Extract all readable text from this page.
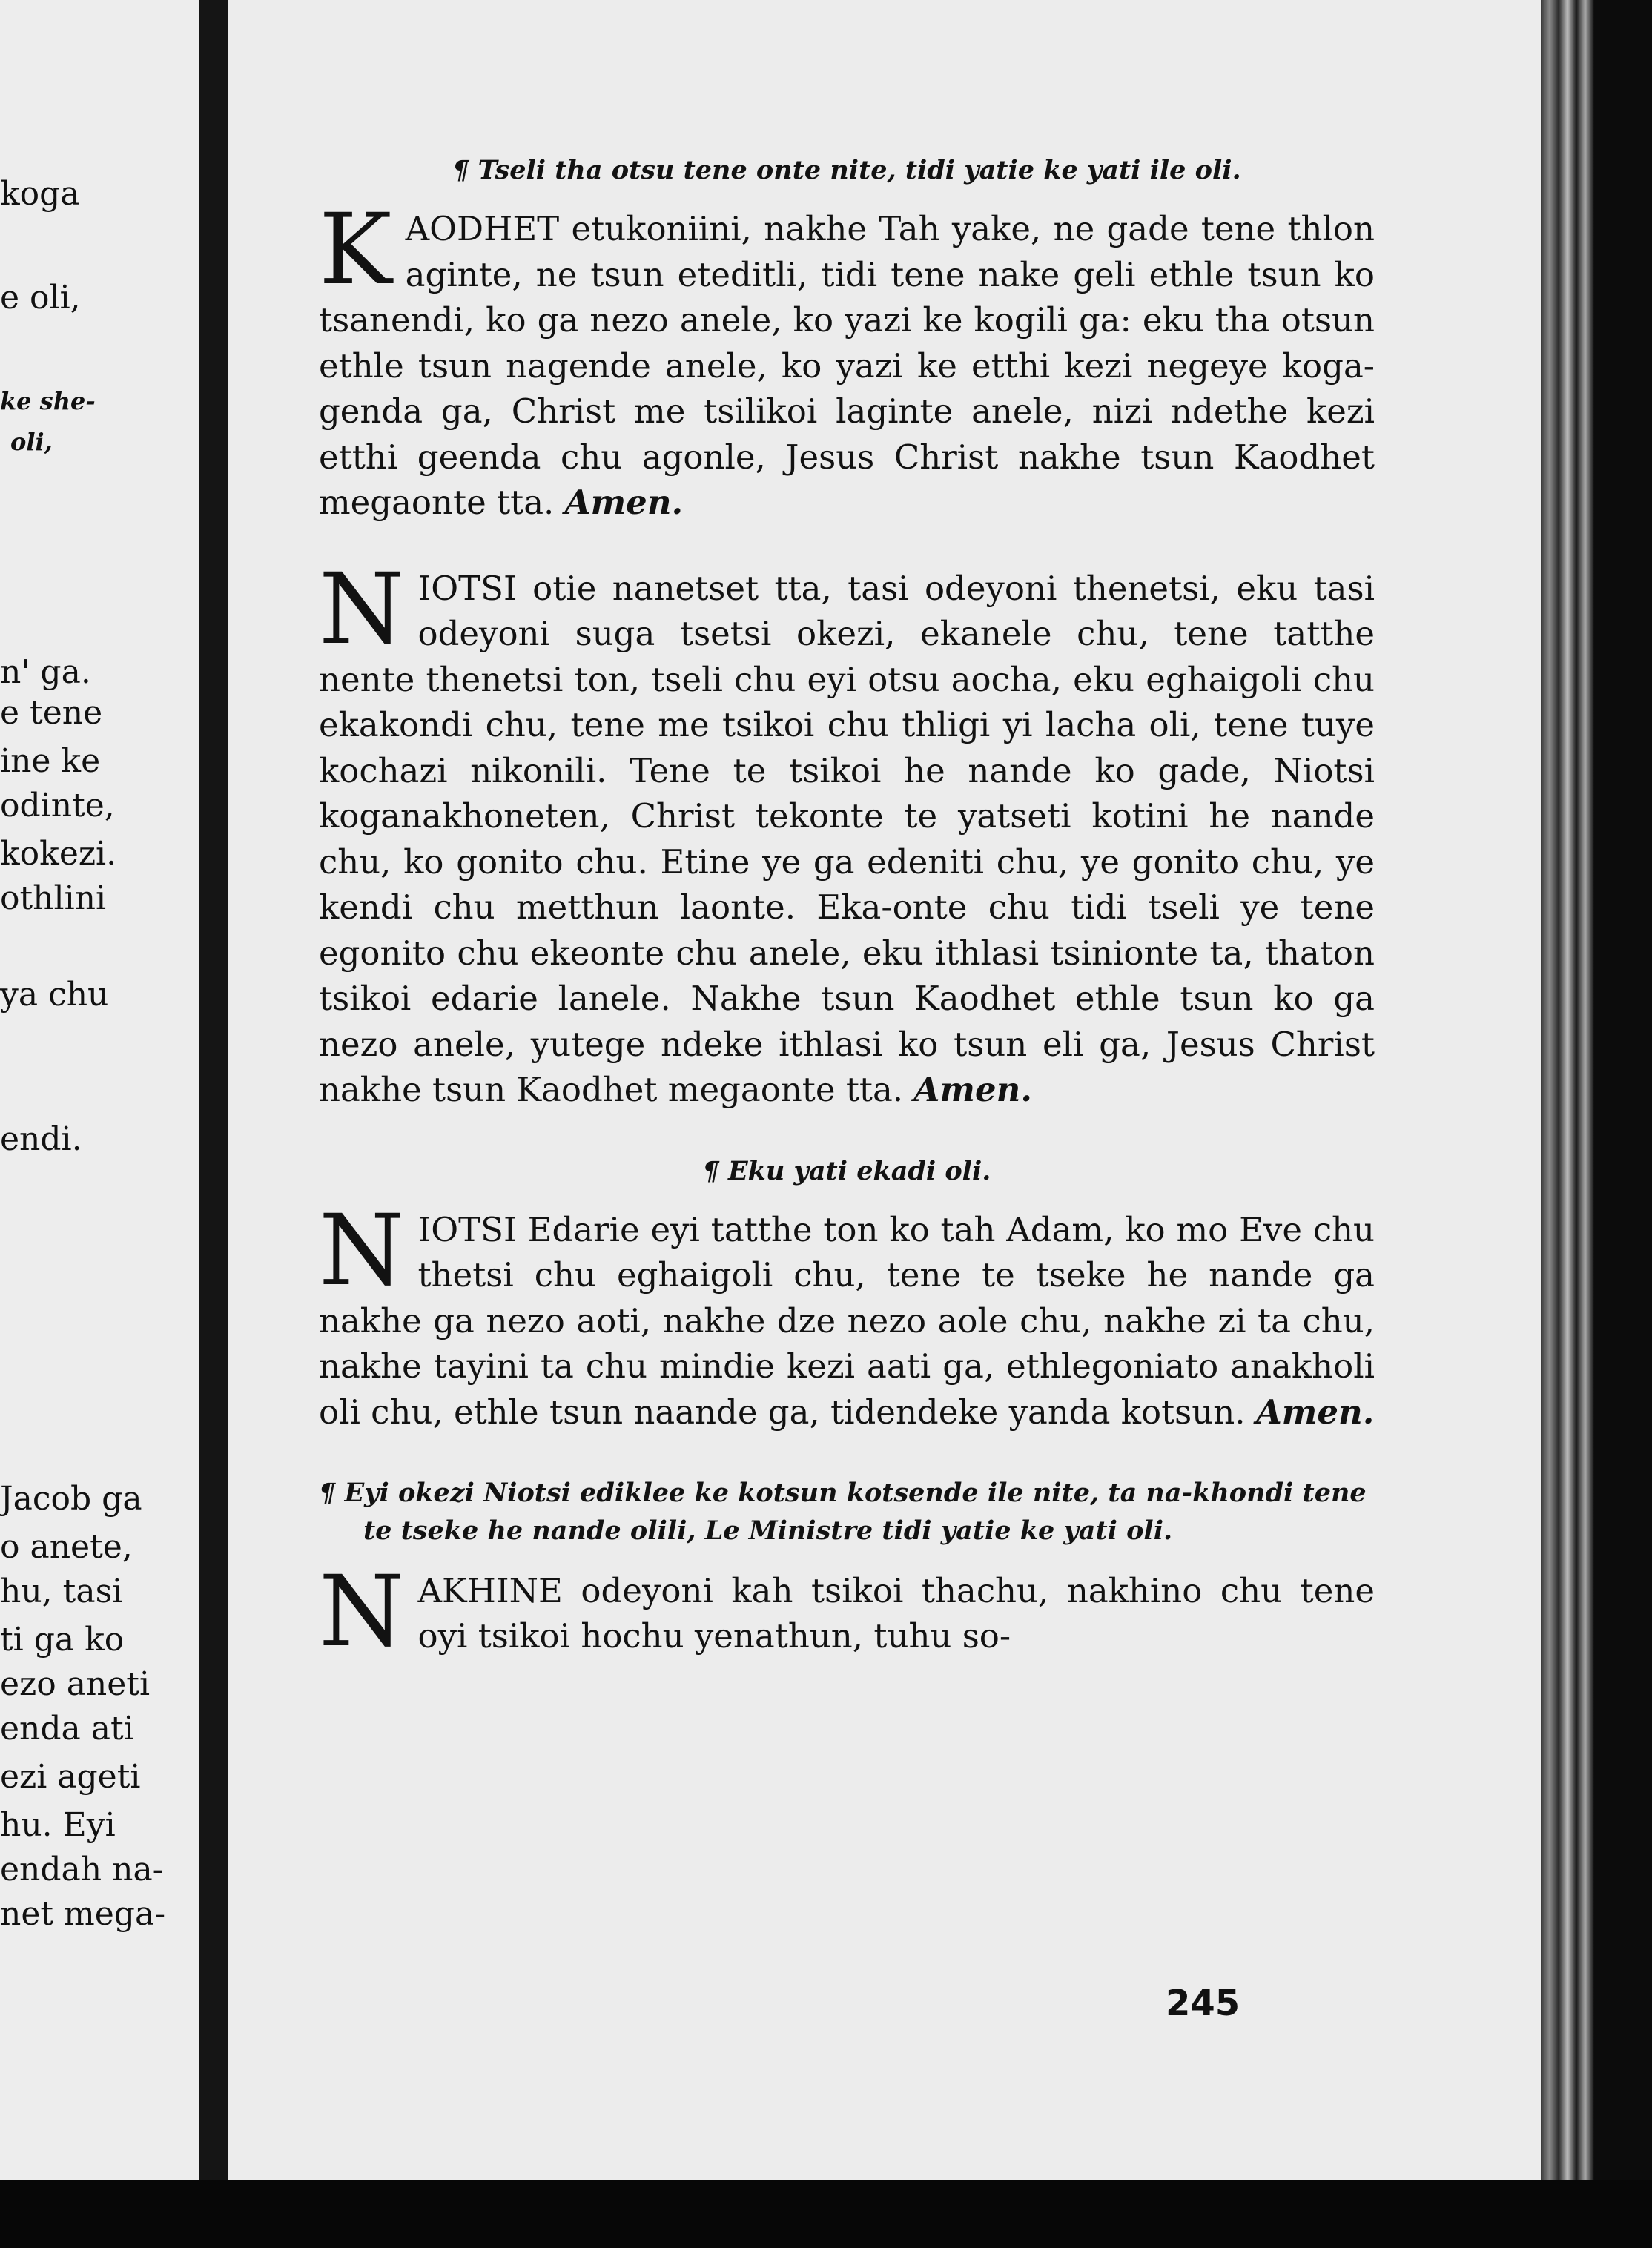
koga
e oli,
ke she-
oli,
n' ga.
e tene
ine ke
odinte,
kokezi.
othlini
ya chu
endi.
Jacob ga
o anete,
hu, tasi
ti ga ko
ezo aneti
enda ati
ezi ageti
hu. Eyi
endah na-
net mega-
¶ Tseli tha otsu tene onte nite, tidi yatie ke yati ile oli.

KAODHET etukoniini, nakhe Tah yake, ne gade tene thlon aginte, ne tsun eteditli, tidi tene nake geli ethle tsun ko tsanendi, ko ga nezo anele, ko yazi ke kogili ga: eku tha otsun ethle tsun nagende anele, ko yazi ke etthi kezi negeye koga-genda ga, Christ me tsilikoi laginte anele, nizi ndethe kezi etthi geenda chu agonle, Jesus Christ nakhe tsun Kaodhet megaonte tta. Amen.

NIOTSI otie nanetset tta, tasi odeyoni thenetsi, eku tasi odeyoni suga tsetsi okezi, ekanele chu, tene tatthe nente thenetsi ton, tseli chu eyi otsu aocha, eku eghaigoli chu ekakondi chu, tene me tsikoi chu thligi yi lacha oli, tene tuye kochazi nikonili. Tene te tsikoi he nande ko gade, Niotsi koganakhoneten, Christ tekonte te yatseti kotini he nande chu, ko gonito chu. Etine ye ga edeniti chu, ye gonito chu, ye kendi chu metthun laonte. Eka-onte chu tidi tseli ye tene egonito chu ekeonte chu anele, eku ithlasi tsinionte ta, thaton tsikoi edarie lanele. Nakhe tsun Kaodhet ethle tsun ko ga nezo anele, yutege ndeke ithlasi ko tsun eli ga, Jesus Christ nakhe tsun Kaodhet megaonte tta. Amen.

¶ Eku yati ekadi oli.

NIOTSI Edarie eyi tatthe ton ko tah Adam, ko mo Eve chu thetsi chu eghaigoli chu, tene te tseke he nande ga nakhe ga nezo aoti, nakhe dze nezo aole chu, nakhe zi ta chu, nakhe tayini ta chu mindie kezi aati ga, ethlegoniato anakholi oli chu, ethle tsun naande ga, tidendeke yanda kotsun. Amen.

¶ Eyi okezi Niotsi ediklee ke kotsun kotsende ile nite, ta na-khondi tene te tseke he nande olili, Le Ministre tidi yatie ke yati oli.

NAKHINE odeyoni kah tsikoi thachu, nakhino chu tene oyi tsikoi hochu yenathun, tuhu so-

245
